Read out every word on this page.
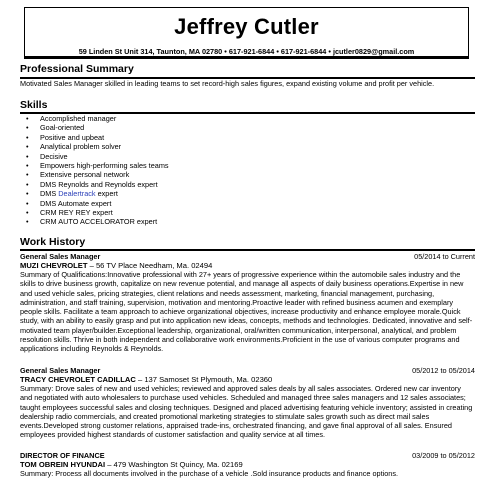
Jeffrey Cutler
59 Linden St Unit 314, Taunton, MA 02780 • 617-921-6844 • 617-921-6844 • jcutler0829@gmail.com
Professional Summary
Motivated Sales Manager skilled in leading teams to set record-high sales figures, expand existing volume and profit per vehicle.
Skills
• Accomplished manager
• Goal-oriented
• Positive and upbeat
• Analytical problem solver
• Decisive
• Empowers high-performing sales teams
• Extensive personal network
• DMS Reynolds and Reynolds expert
• DMS Dealertrack expert
• DMS Automate expert
• CRM REY REY expert
• CRM AUTO ACCELORATOR expert
Work History
General Sales Manager	05/2014 to Current
MUZI CHEVROLET – 56 TV Place Needham, Ma. 02494
Summary of Qualifications:Innovative professional with 27+ years of progressive experience within the automobile sales industry and the skills to drive business growth, capitalize on new revenue potential, and manage all aspects of daily business operations.Expertise in new and used vehicle sales, pricing strategies, client relations and needs assessment, marketing, financial management, purchasing, administration, and staff training, supervision, motivation and mentoring.Proactive leader with refined business acumen and exemplary people skills. Facilitate a team approach to achieve organizational objectives, increase productivity and enhance employee morale.Quick study, with an ability to easily grasp and put into application new ideas, concepts, methods and technologies. Dedicated, innovative and self-motivated team player/builder.Exceptional leadership, organizational, oral/written communication, interpersonal, analytical, and problem resolution skills. Thrive in both independent and collaborative work environments.Proficient in the use of various computer programs and applications including Reynolds & Reynolds.
General Sales Manager	05/2012 to 05/2014
TRACY CHEVROLET CADILLAC – 137 Samoset St Plymouth, Ma. 02360
Summary: Drove sales of new and used vehicles; reviewed and approved sales deals by all sales associates. Ordered new car inventory and negotiated with auto wholesalers to purchase used vehicles. Scheduled and managed three sales managers and 12 sales associates; taught employees successful sales and closing techniques. Designed and placed advertising featuring vehicle inventory; assisted in creating dealership radio commercials, and created promotional marketing strategies to stimulate sales growth such as direct mail sales events.Developed strong customer relations, appraised trade-ins, orchestrated financing, and gave final approval of all sales. Ensured employees provided highest standards of customer satisfaction and quality service at all times.
DIRECTOR OF FINANCE	03/2009 to 05/2012
TOM OBREIN HYUNDAI – 479 Washington St Quincy, Ma. 02169
Summary: Process all documents involved in the purchase of a vehicle .Sold insurance products and finance options.
